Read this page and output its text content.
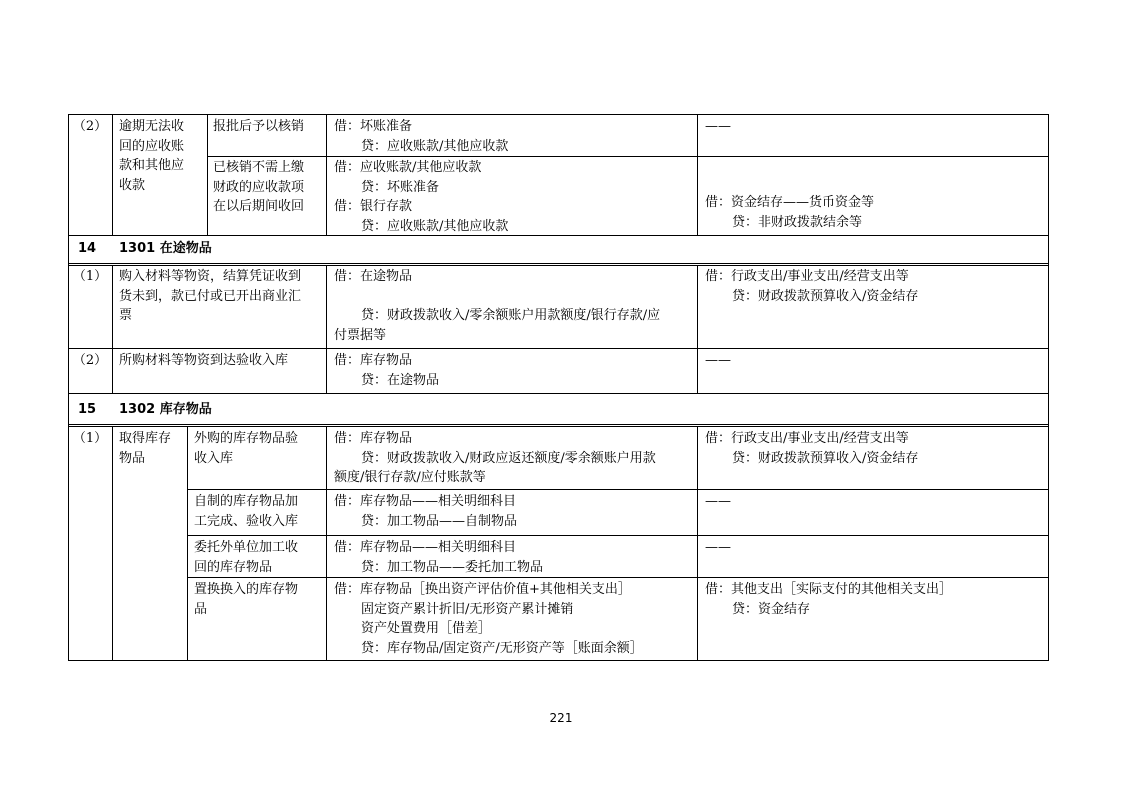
（2） 逾期无法收
回的应收账
款和其他应
收款
报批后予以核销 借：坏账准备
贷：应收账款/其他应收款
——
已核销不需上缴
财政的应收款项
在以后期间收回
借：应收账款/其他应收款
贷：坏账准备
借：银行存款
贷：应收账款/其他应收款
借：资金结存——货币资金等
贷：非财政拨款结余等
14 1301 在途物品
（1） 购入材料等物资，结算凭证收到
货未到，款已付或已开出商业汇
票
借：在途物品

贷：财政拨款收入/零余额账户用款额度/银行存款/应
付票据等
借：行政支出/事业支出/经营支出等
贷：财政拨款预算收入/资金结存
（2） 所购材料等物资到达验收入库	借：库存物品
贷：在途物品
——
15 1302 库存物品
（1） 取得库存
物品
外购的库存物品验
收入库
借：库存物品
贷：财政拨款收入/财政应返还额度/零余额账户用款
额度/银行存款/应付账款等
借：行政支出/事业支出/经营支出等
贷：财政拨款预算收入/资金结存
自制的库存物品加
工完成、验收入库
借：库存物品——相关明细科目
贷：加工物品——自制物品
——
委托外单位加工收
回的库存物品
借：库存物品——相关明细科目
贷：加工物品——委托加工物品
——
置换换入的库存物
品
借：库存物品［换出资产评估价值+其他相关支出］
固定资产累计折旧/无形资产累计摊销
资产处置费用［借差］
贷：库存物品/固定资产/无形资产等［账面余额］
借：其他支出［实际支付的其他相关支出］
贷：资金结存
221
